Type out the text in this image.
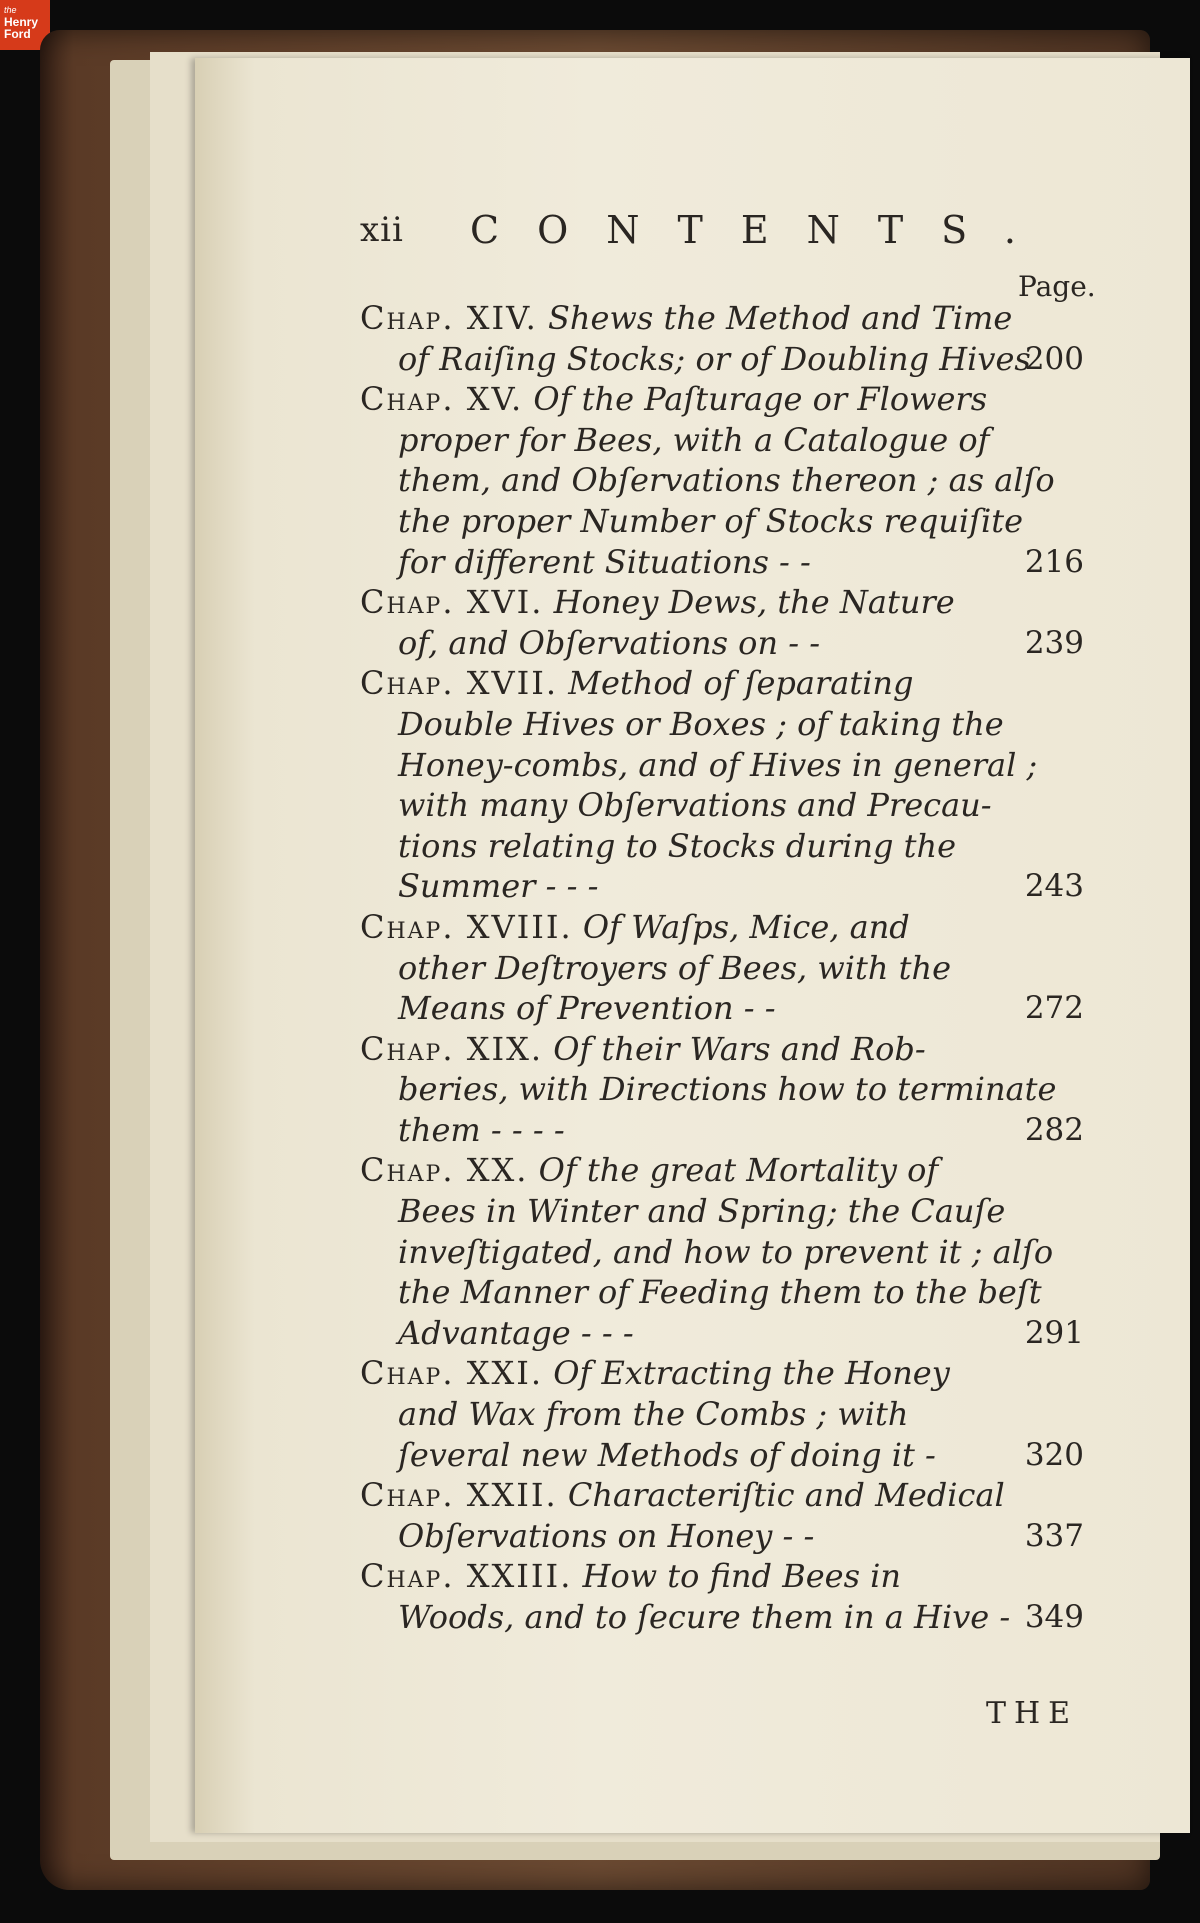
the
Henry Ford
xii CONTENTS.
Page.
Chap. XIV. Shews the Method and Time
of Raiſing Stocks; or of Doubling Hives
200
Chap. XV. Of the Paſturage or Flowers
proper for Bees, with a Catalogue of
them, and Obſervations thereon ; as alſo
the proper Number of Stocks requiſite
for different Situations - -	216
Chap. XVI. Honey Dews, the Nature
of, and Obſervations on - -	239
Chap. XVII. Method of ſeparating
Double Hives or Boxes ; of taking the
Honey-combs, and of Hives in general ;
with many Obſervations and Precau-
tions relating to Stocks during the
Summer - - -	243
Chap. XVIII. Of Waſps, Mice, and
other Deſtroyers of Bees, with the
Means of Prevention - -	272
Chap. XIX. Of their Wars and Rob-
beries, with Directions how to terminate
them - - - -	282
Chap. XX. Of the great Mortality of
Bees in Winter and Spring; the Cauſe
inveſtigated, and how to prevent it ; alſo
the Manner of Feeding them to the beſt
Advantage - - -	291
Chap. XXI. Of Extracting the Honey
and Wax from the Combs ; with
ſeveral new Methods of doing it -	320
Chap. XXII. Characteriſtic and Medical
Obſervations on Honey - -	337
Chap. XXIII. How to find Bees in
Woods, and to ſecure them in a Hive - 349
THE
